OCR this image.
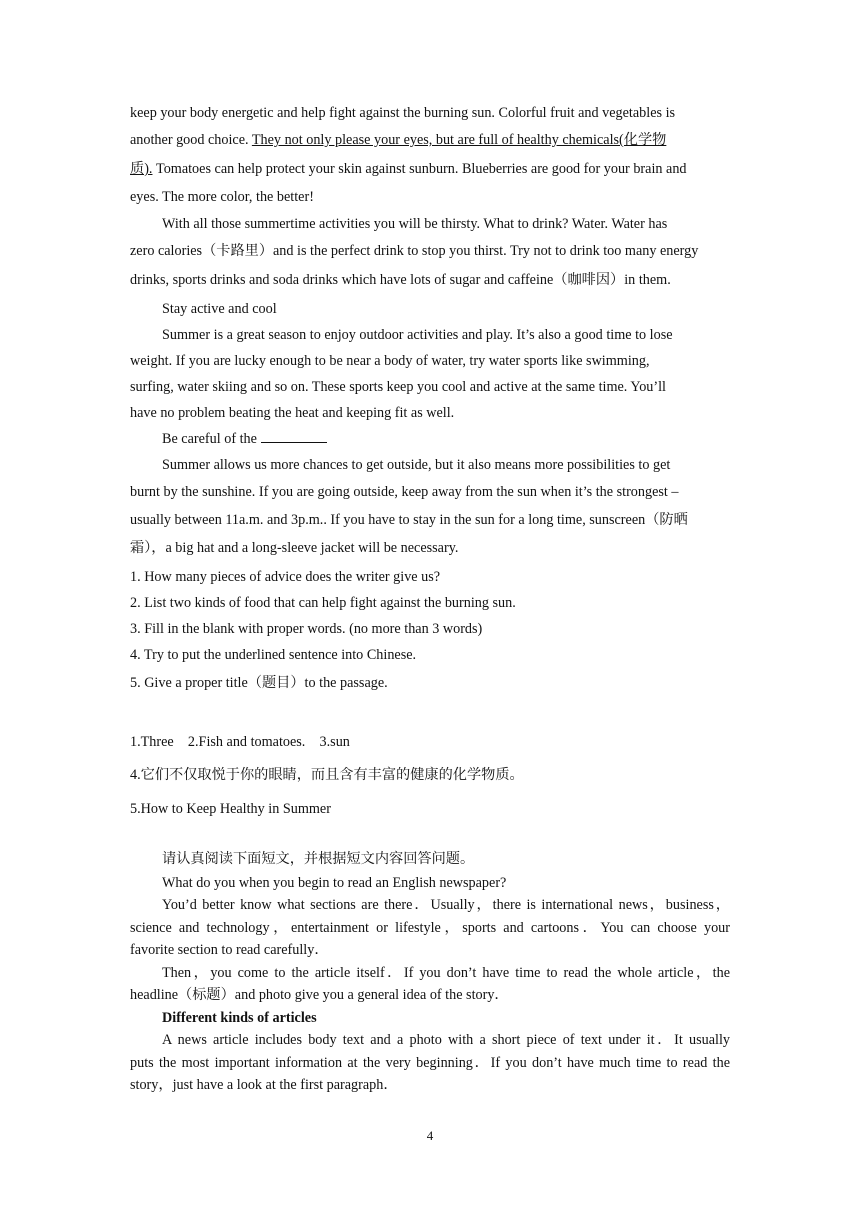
keep your body energetic and help fight against the burning sun. Colorful fruit and vegetables is
another good choice. They not only please your eyes, but are full of healthy chemicals(化学物
质). Tomatoes can help protect your skin against sunburn. Blueberries are good for your brain and
eyes. The more color, the better!
With all those summertime activities you will be thirsty. What to drink? Water. Water has
zero calories（卡路里）and is the perfect drink to stop you thirst. Try not to drink too many energy
drinks, sports drinks and soda drinks which have lots of sugar and caffeine（咖啡因）in them.
Stay active and cool
Summer is a great season to enjoy outdoor activities and play. It’s also a good time to lose
weight. If you are lucky enough to be near a body of water, try water sports like swimming,
surfing, water skiing and so on. These sports keep you cool and active at the same time. You’ll
have no problem beating the heat and keeping fit as well.
Be careful of the
Summer allows us more chances to get outside, but it also means more possibilities to get
burnt by the sunshine. If you are going outside, keep away from the sun when it’s the strongest –
usually between 11a.m. and 3p.m.. If you have to stay in the sun for a long time, sunscreen（防晒
霜），a big hat and a long-sleeve jacket will be necessary.
1. How many pieces of advice does the writer give us?
2. List two kinds of food that can help fight against the burning sun.
3. Fill in the blank with proper words. (no more than 3 words)
4. Try to put the underlined sentence into Chinese.
5. Give a proper title（题目）to the passage.
1.Three    2.Fish and tomatoes.    3.sun
4.它们不仅取悦于你的眼睛，而且含有丰富的健康的化学物质。
5.How to Keep Healthy in Summer
请认真阅读下面短文，并根据短文内容回答问题。
What do you when you begin to read an English newspaper?
You’d better know what sections are there．Usually，there is international news，business，
science and technology，entertainment or lifestyle，sports and cartoons．You can choose your
favorite section to read carefully．
Then，you come to the article itself．If you don’t have time to read the whole article，the
headline（标题）and photo give you a general idea of the story．
Different kinds of articles
A news article includes body text and a photo with a short piece of text under it．It usually
puts the most important information at the very beginning．If you don’t have much time to read the
story，just have a look at the first paragraph．
4
